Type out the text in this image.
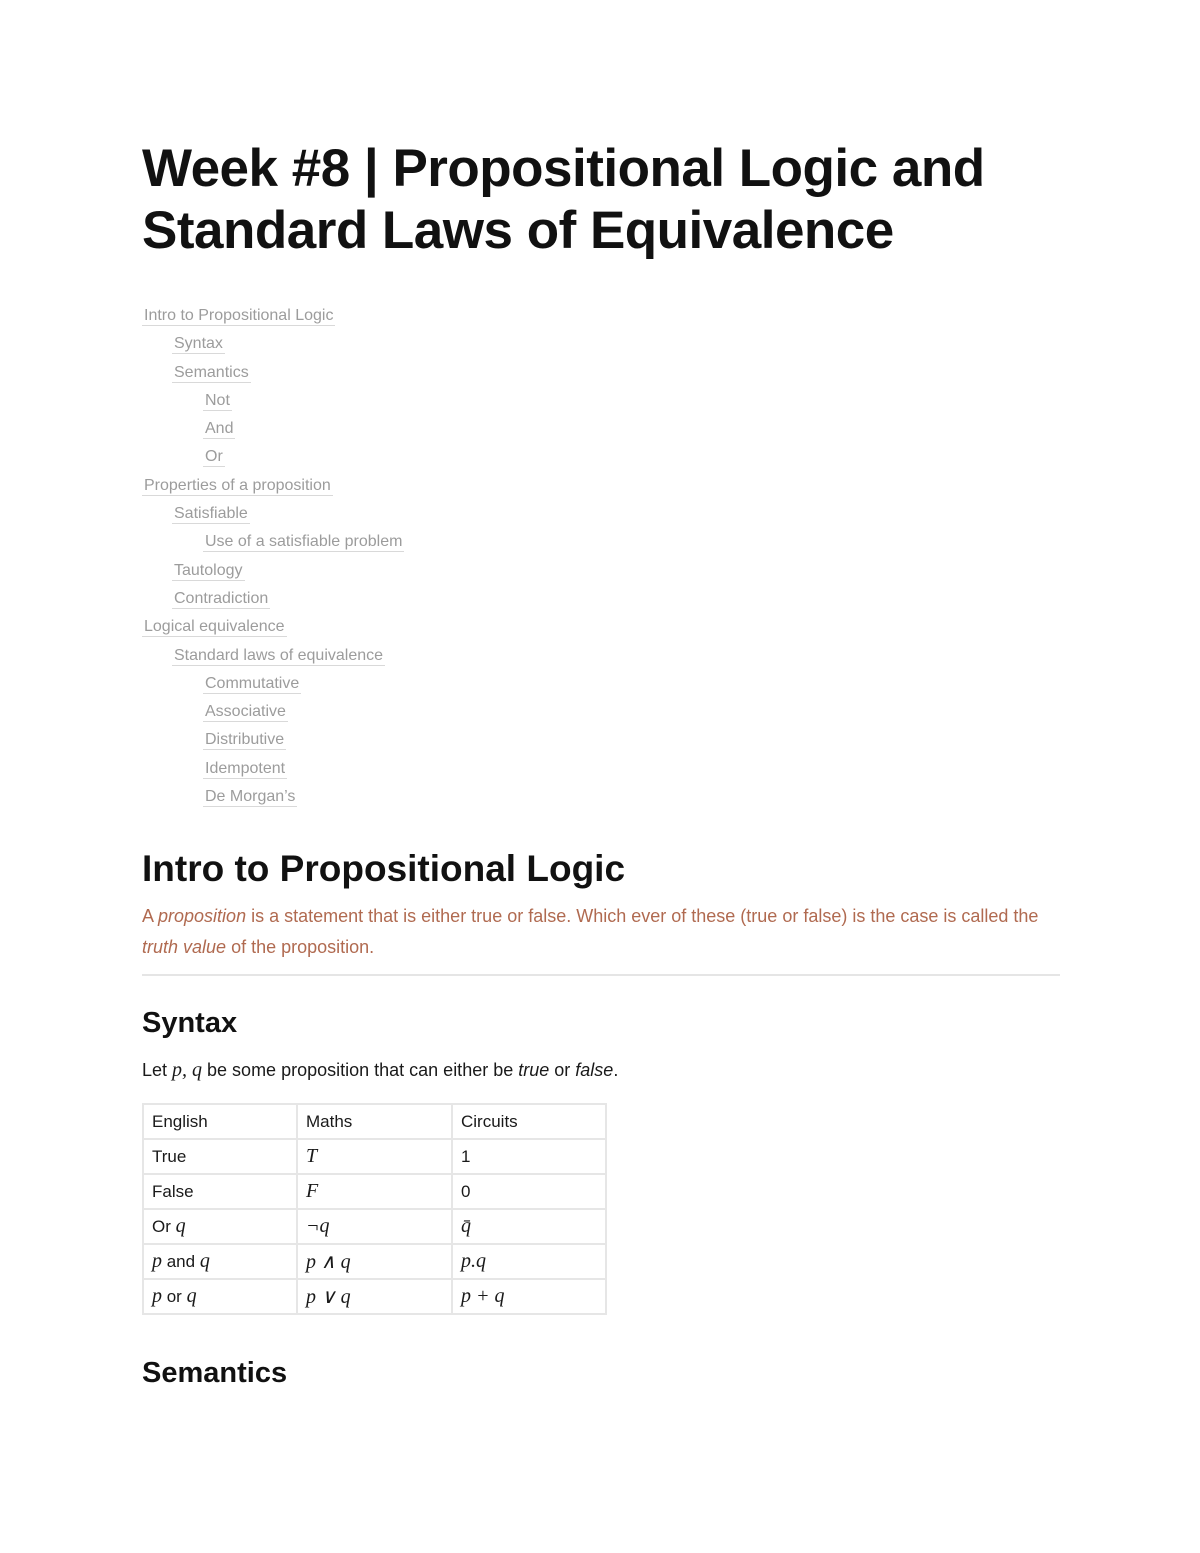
Week #8 | Propositional Logic and Standard Laws of Equivalence
Intro to Propositional Logic
Syntax
Semantics
Not
And
Or
Properties of a proposition
Satisfiable
Use of a satisfiable problem
Tautology
Contradiction
Logical equivalence
Standard laws of equivalence
Commutative
Associative
Distributive
Idempotent
De Morgan’s
Intro to Propositional Logic

A proposition is a statement that is either true or false. Which ever of these (true or false) is the case is called the truth value of the proposition.

Syntax

Let p, q be some proposition that can either be true or false.

English	Maths	Circuits
True	T	1
False	F	0
Or q	¬q	q̄
p and q	p ∧ q	p.q
p or q	p ∨ q	p + q
Semantics
